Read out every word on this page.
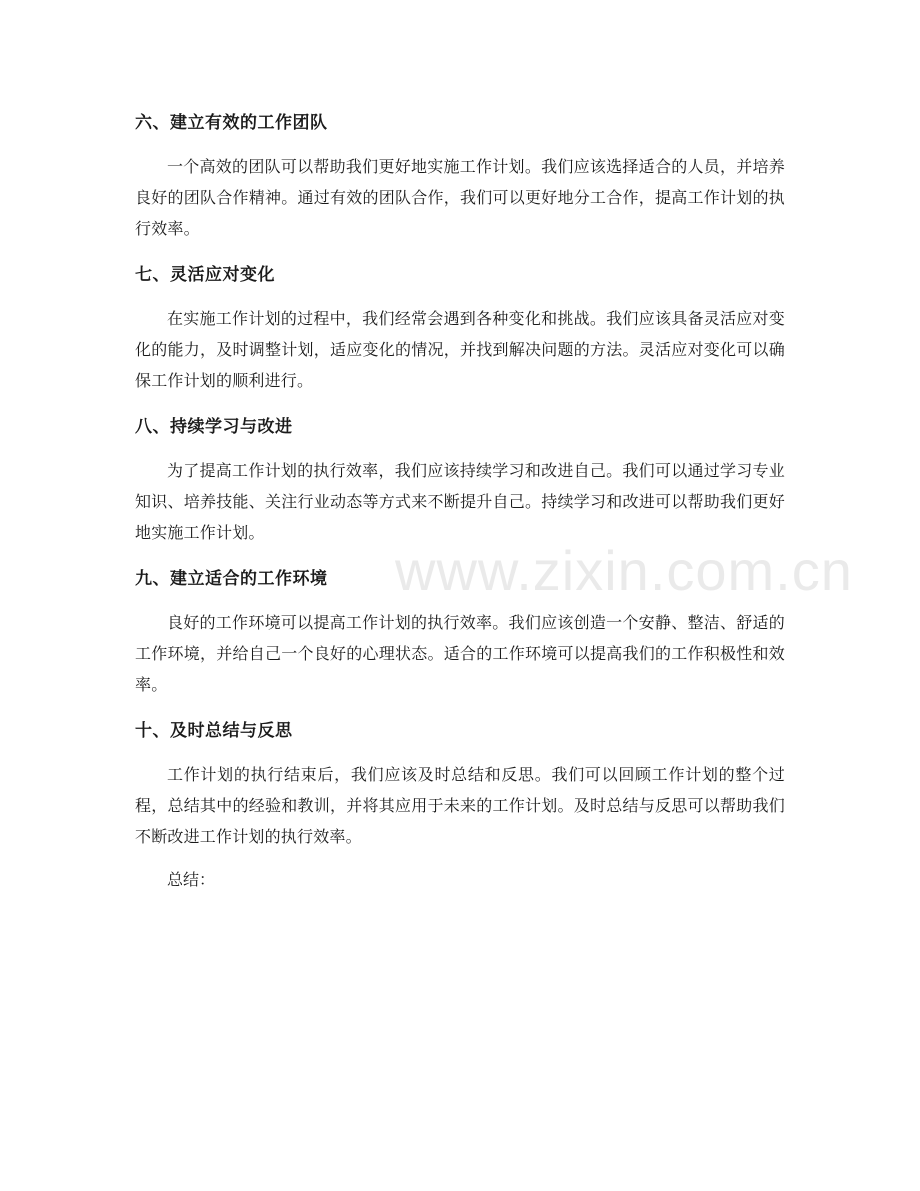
六、建立有效的工作团队

一个高效的团队可以帮助我们更好地实施工作计划。我们应该选择适合的人员，并培养良好的团队合作精神。通过有效的团队合作，我们可以更好地分工合作，提高工作计划的执行效率。

七、灵活应对变化

在实施工作计划的过程中，我们经常会遇到各种变化和挑战。我们应该具备灵活应对变化的能力，及时调整计划，适应变化的情况，并找到解决问题的方法。灵活应对变化可以确保工作计划的顺利进行。

八、持续学习与改进

为了提高工作计划的执行效率，我们应该持续学习和改进自己。我们可以通过学习专业知识、培养技能、关注行业动态等方式来不断提升自己。持续学习和改进可以帮助我们更好地实施工作计划。

九、建立适合的工作环境

良好的工作环境可以提高工作计划的执行效率。我们应该创造一个安静、整洁、舒适的工作环境，并给自己一个良好的心理状态。适合的工作环境可以提高我们的工作积极性和效率。

十、及时总结与反思

工作计划的执行结束后，我们应该及时总结和反思。我们可以回顾工作计划的整个过程，总结其中的经验和教训，并将其应用于未来的工作计划。及时总结与反思可以帮助我们不断改进工作计划的执行效率。

总结：

www.zixin.com.cn
